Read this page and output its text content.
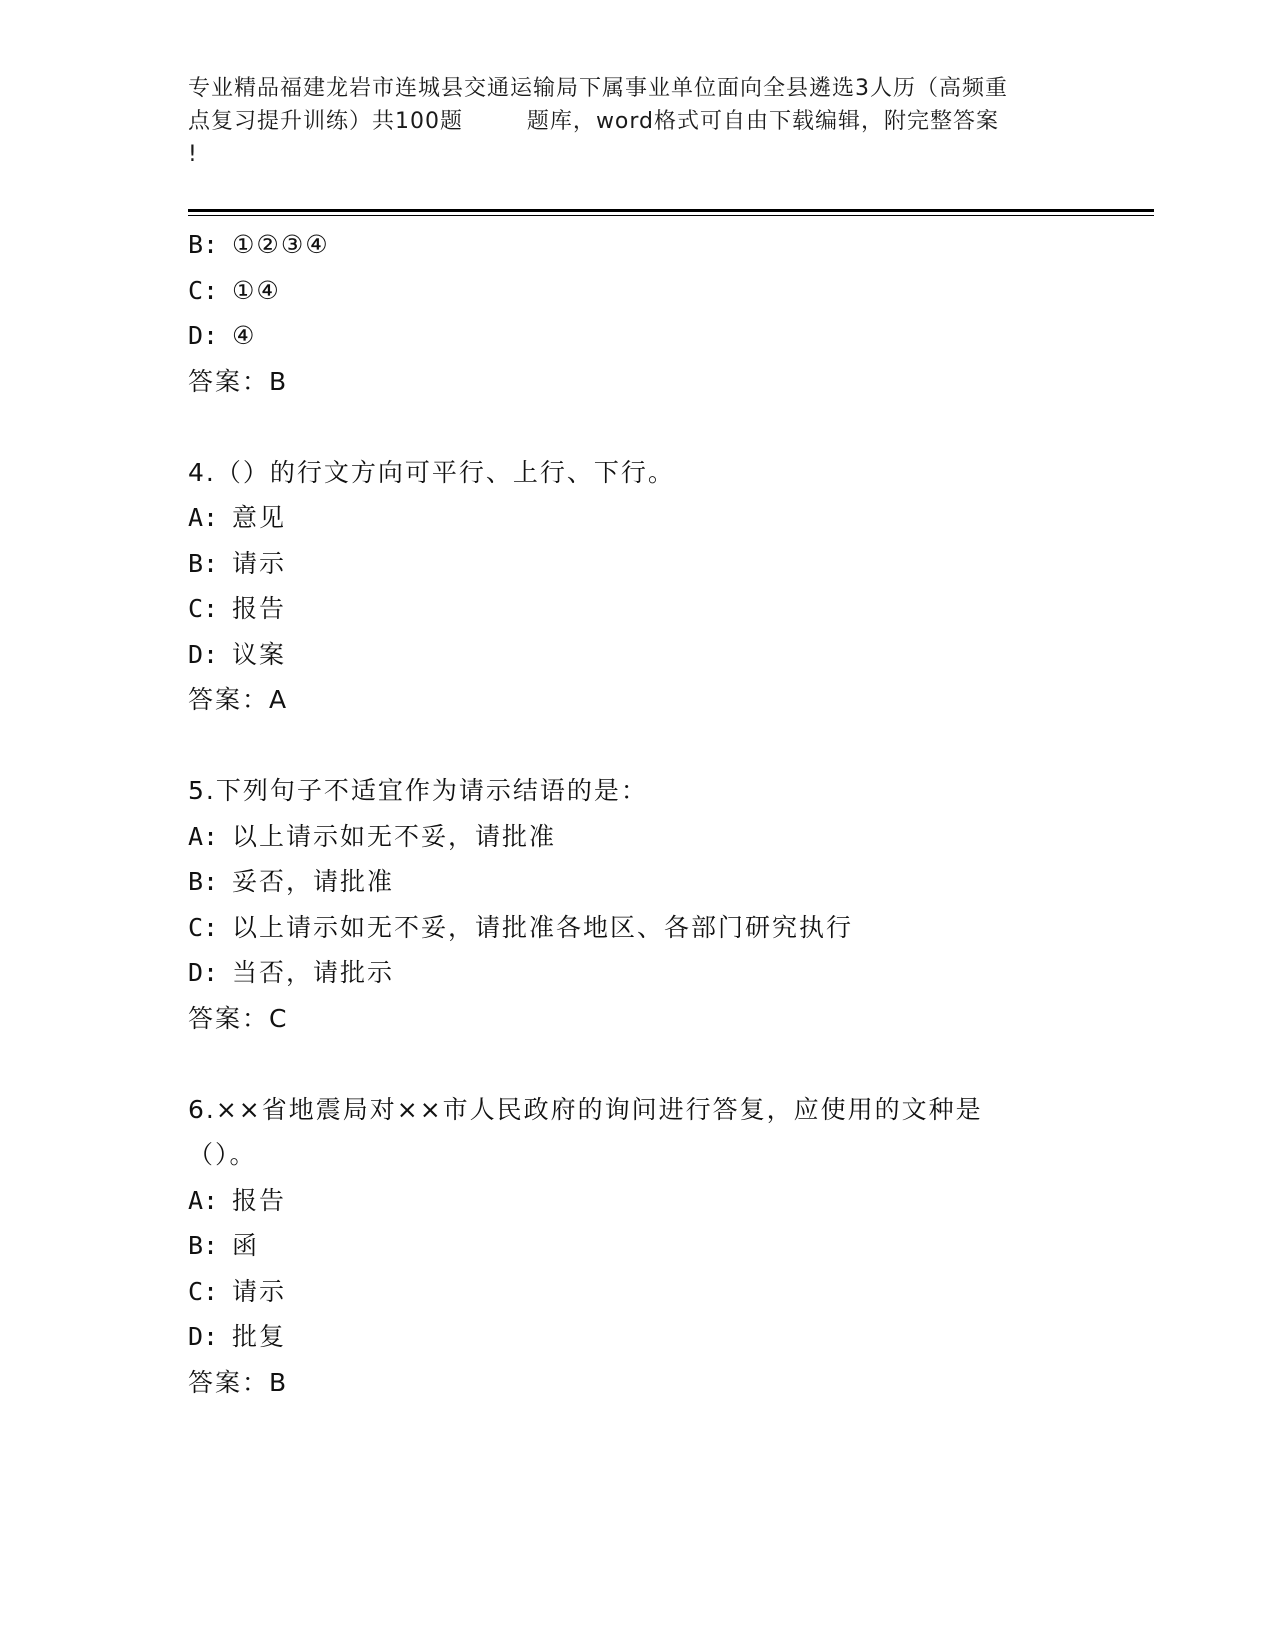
专业精品福建龙岩市连城县交通运输局下属事业单位面向全县遴选3人历（高频重
点复习提升训练）共100题        题库，word格式可自由下载编辑，附完整答案
!
B: ①②③④
C: ①④
D: ④
答案：B
4.（）的行文方向可平行、上行、下行。
A: 意见
B: 请示
C: 报告
D: 议案
答案：A
5.下列句子不适宜作为请示结语的是：
A: 以上请示如无不妥，请批准
B: 妥否，请批准
C: 以上请示如无不妥，请批准各地区、各部门研究执行
D: 当否，请批示
答案：C
6.××省地震局对××市人民政府的询问进行答复，应使用的文种是
（）。
A: 报告
B: 函
C: 请示
D: 批复
答案：B
